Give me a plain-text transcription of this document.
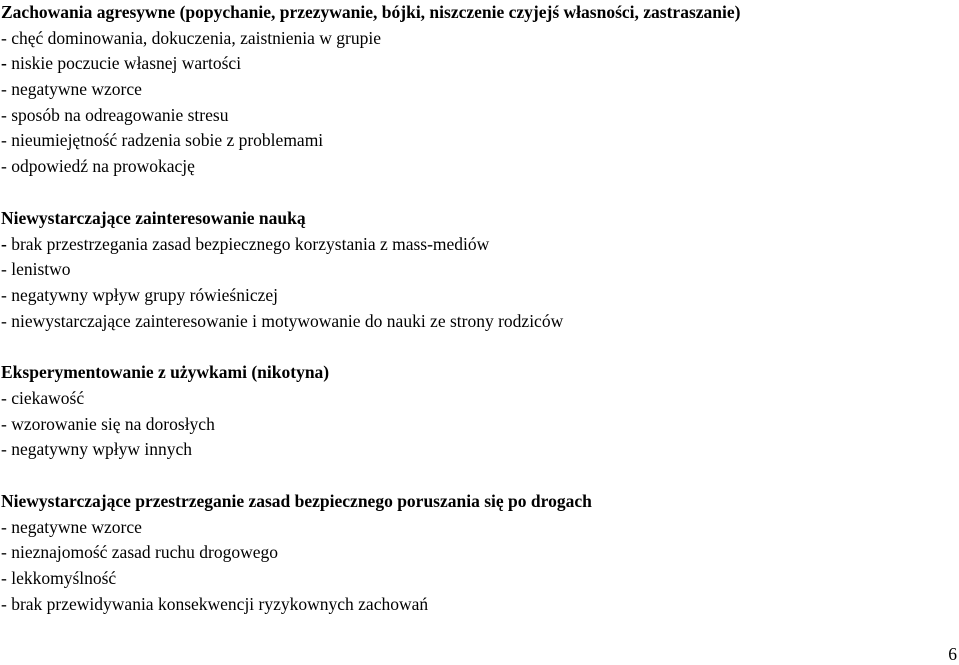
Zachowania agresywne (popychanie, przezywanie, bójki, niszczenie czyjejś własności, zastraszanie)
- chęć dominowania, dokuczenia, zaistnienia w grupie
- niskie poczucie własnej wartości
- negatywne wzorce
- sposób na odreagowanie stresu
- nieumiejętność radzenia sobie z problemami
- odpowiedź na prowokację
Niewystarczające zainteresowanie nauką
- brak przestrzegania zasad bezpiecznego korzystania z mass-mediów
- lenistwo
- negatywny wpływ grupy rówieśniczej
- niewystarczające zainteresowanie i motywowanie do nauki ze strony rodziców
Eksperymentowanie z używkami (nikotyna)
- ciekawość
- wzorowanie się na dorosłych
- negatywny wpływ innych
Niewystarczające przestrzeganie zasad bezpiecznego poruszania się po drogach
- negatywne wzorce
- nieznajomość zasad ruchu drogowego
- lekkomyślność
- brak przewidywania konsekwencji ryzykownych zachowań
6
